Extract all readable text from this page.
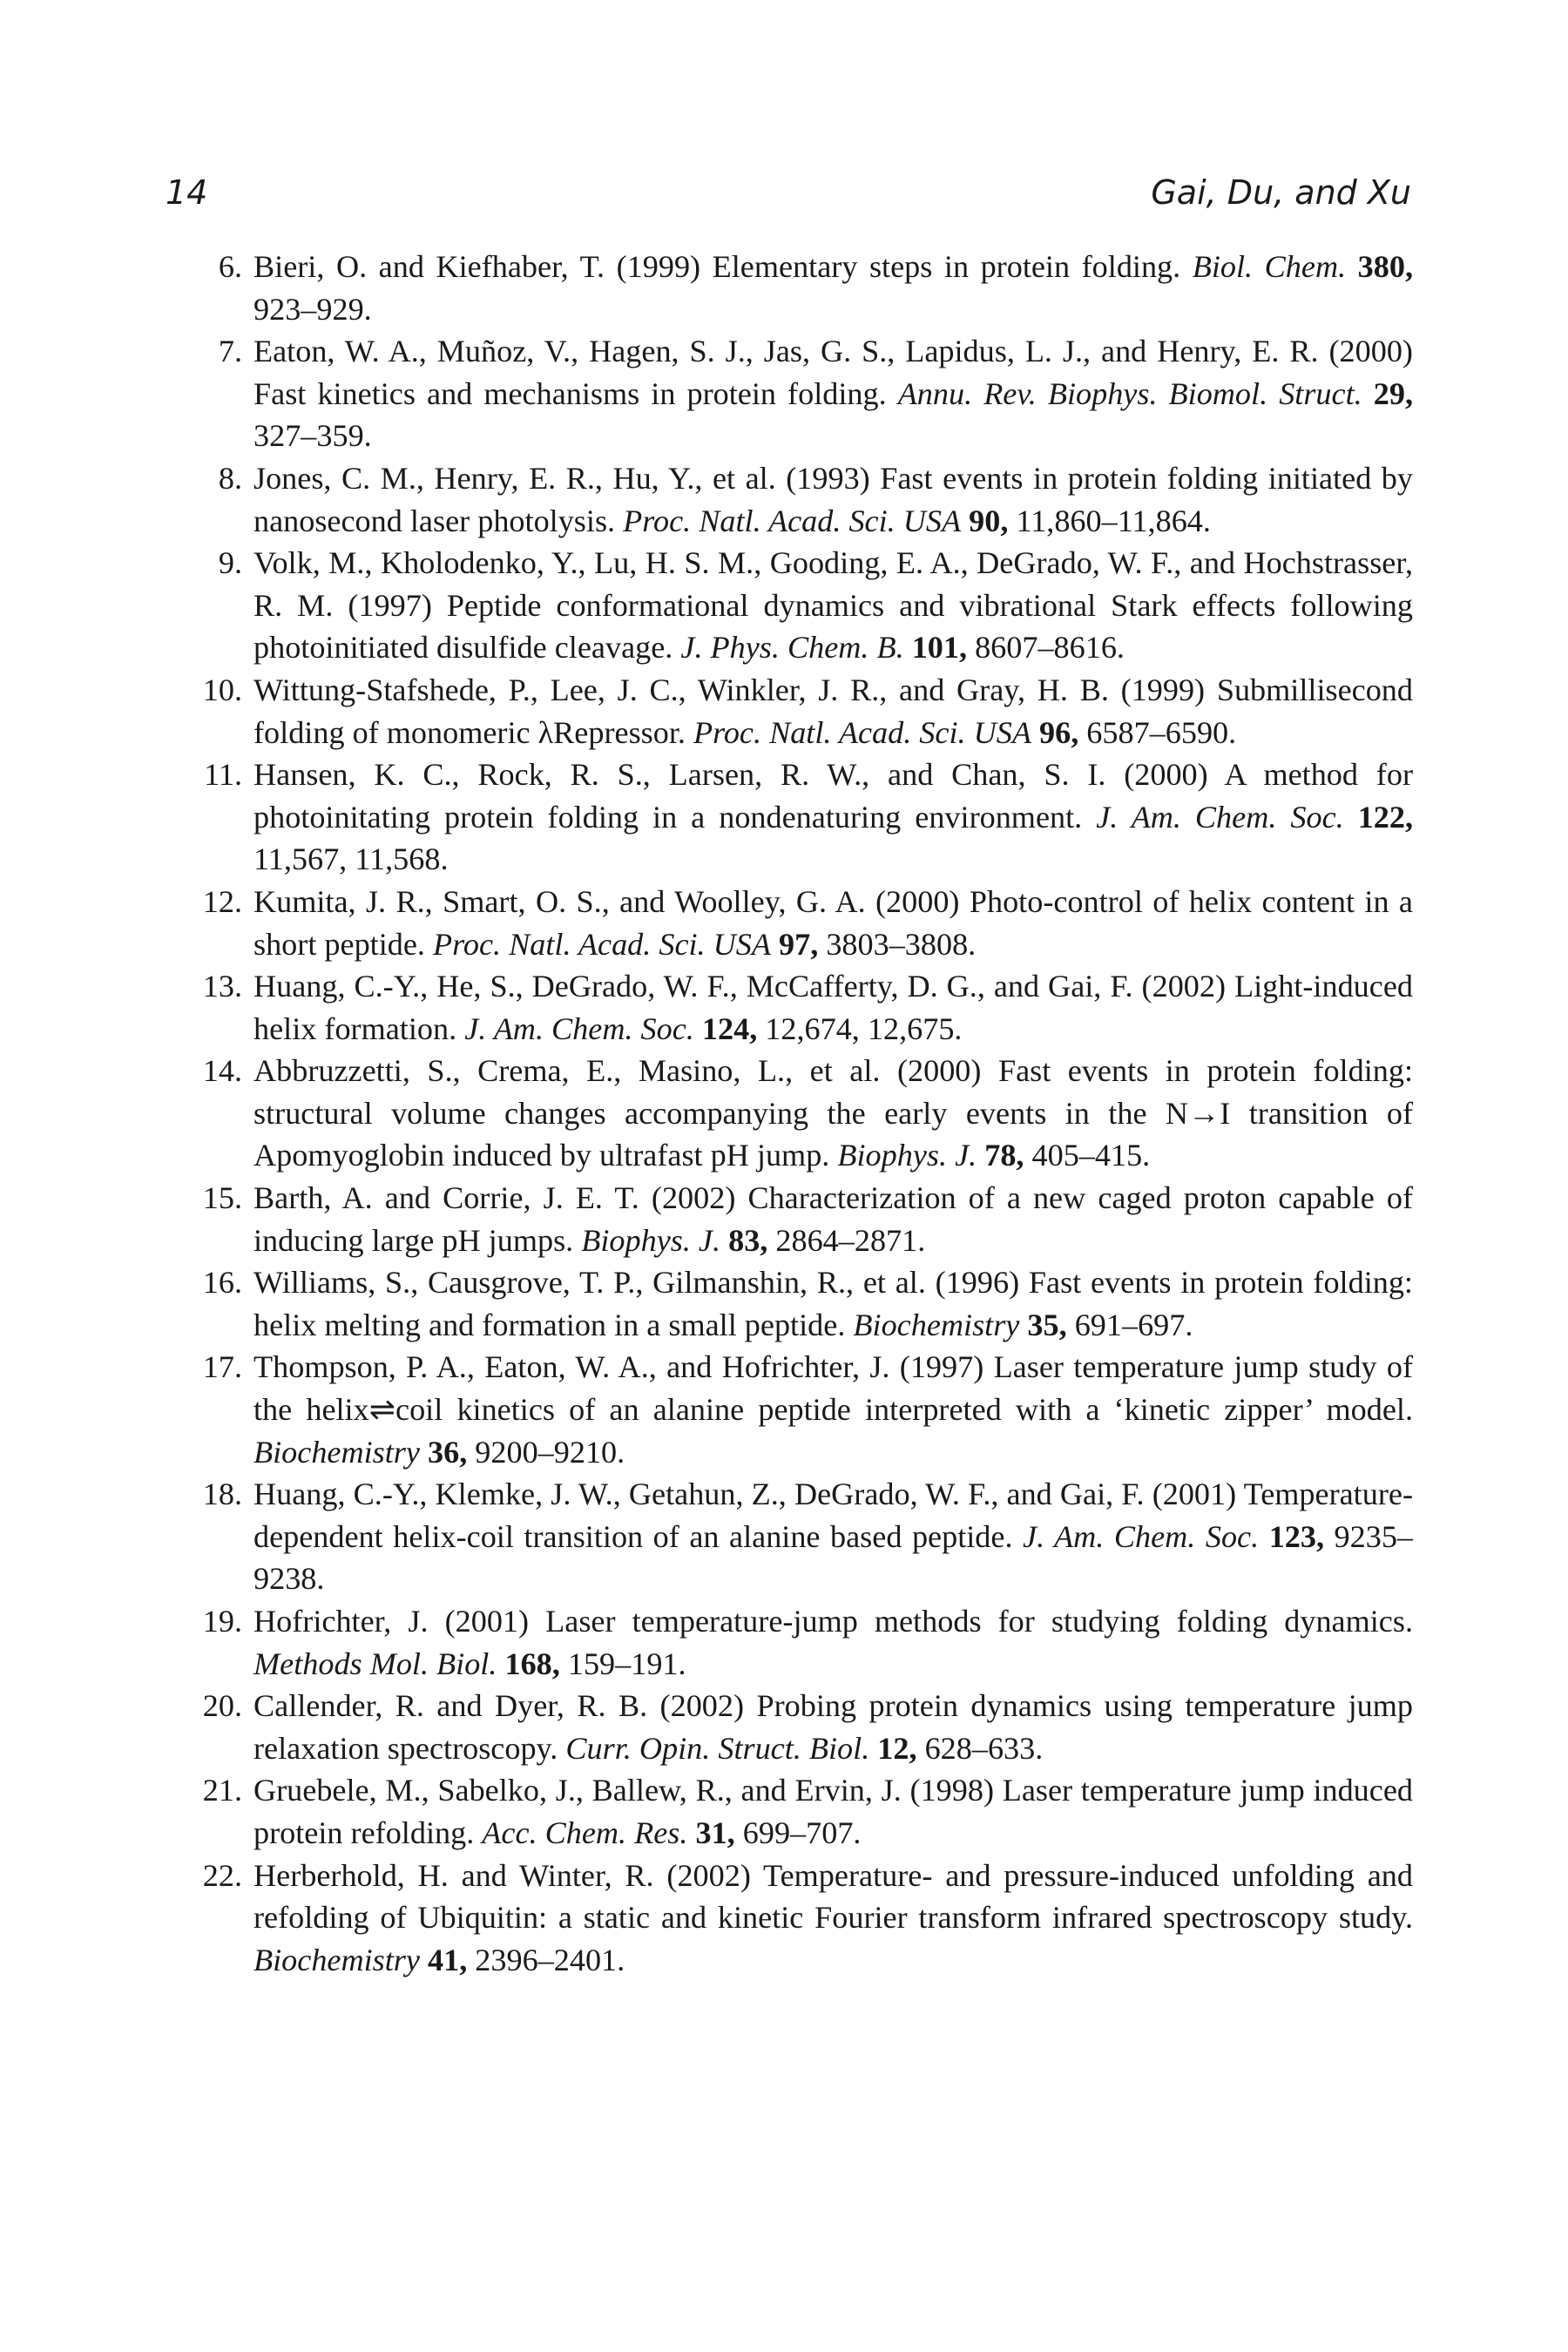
14	Gai, Du, and Xu
6. Bieri, O. and Kiefhaber, T. (1999) Elementary steps in protein folding. Biol. Chem. 380, 923–929.
7. Eaton, W. A., Muñoz, V., Hagen, S. J., Jas, G. S., Lapidus, L. J., and Henry, E. R. (2000) Fast kinetics and mechanisms in protein folding. Annu. Rev. Biophys. Biomol. Struct. 29, 327–359.
8. Jones, C. M., Henry, E. R., Hu, Y., et al. (1993) Fast events in protein folding initiated by nanosecond laser photolysis. Proc. Natl. Acad. Sci. USA 90, 11,860–11,864.
9. Volk, M., Kholodenko, Y., Lu, H. S. M., Gooding, E. A., DeGrado, W. F., and Hochstrasser, R. M. (1997) Peptide conformational dynamics and vibrational Stark effects following photoinitiated disulfide cleavage. J. Phys. Chem. B. 101, 8607–8616.
10. Wittung-Stafshede, P., Lee, J. C., Winkler, J. R., and Gray, H. B. (1999) Submillisecond folding of monomeric λRepressor. Proc. Natl. Acad. Sci. USA 96, 6587–6590.
11. Hansen, K. C., Rock, R. S., Larsen, R. W., and Chan, S. I. (2000) A method for photoinitating protein folding in a nondenaturing environment. J. Am. Chem. Soc. 122, 11,567, 11,568.
12. Kumita, J. R., Smart, O. S., and Woolley, G. A. (2000) Photo-control of helix content in a short peptide. Proc. Natl. Acad. Sci. USA 97, 3803–3808.
13. Huang, C.-Y., He, S., DeGrado, W. F., McCafferty, D. G., and Gai, F. (2002) Light-induced helix formation. J. Am. Chem. Soc. 124, 12,674, 12,675.
14. Abbruzzetti, S., Crema, E., Masino, L., et al. (2000) Fast events in protein folding: structural volume changes accompanying the early events in the N→I transition of Apomyoglobin induced by ultrafast pH jump. Biophys. J. 78, 405–415.
15. Barth, A. and Corrie, J. E. T. (2002) Characterization of a new caged proton capable of inducing large pH jumps. Biophys. J. 83, 2864–2871.
16. Williams, S., Causgrove, T. P., Gilmanshin, R., et al. (1996) Fast events in protein folding: helix melting and formation in a small peptide. Biochemistry 35, 691–697.
17. Thompson, P. A., Eaton, W. A., and Hofrichter, J. (1997) Laser temperature jump study of the helix⇌coil kinetics of an alanine peptide interpreted with a ‘kinetic zipper’ model. Biochemistry 36, 9200–9210.
18. Huang, C.-Y., Klemke, J. W., Getahun, Z., DeGrado, W. F., and Gai, F. (2001) Temperature-dependent helix-coil transition of an alanine based peptide. J. Am. Chem. Soc. 123, 9235–9238.
19. Hofrichter, J. (2001) Laser temperature-jump methods for studying folding dynamics. Methods Mol. Biol. 168, 159–191.
20. Callender, R. and Dyer, R. B. (2002) Probing protein dynamics using temperature jump relaxation spectroscopy. Curr. Opin. Struct. Biol. 12, 628–633.
21. Gruebele, M., Sabelko, J., Ballew, R., and Ervin, J. (1998) Laser temperature jump induced protein refolding. Acc. Chem. Res. 31, 699–707.
22. Herberhold, H. and Winter, R. (2002) Temperature- and pressure-induced unfolding and refolding of Ubiquitin: a static and kinetic Fourier transform infrared spectroscopy study. Biochemistry 41, 2396–2401.
